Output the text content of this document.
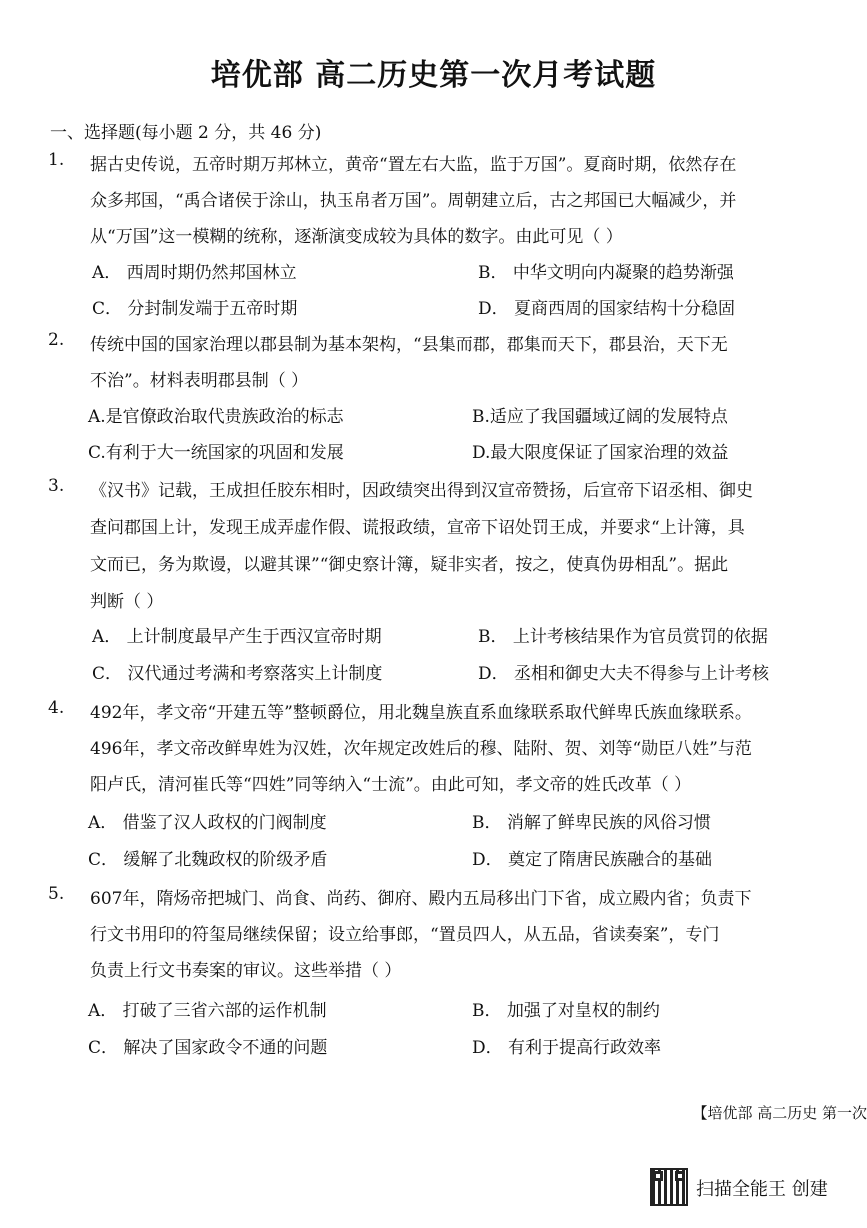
培优部 高二历史第一次月考试题
一、选择题(每小题 2 分，共 46 分)
1. 据古史传说，五帝时期万邦林立，黄帝“置左右大监，监于万国”。夏商时期，依然存在
众多邦国，“禹合诸侯于涂山，执玉帛者万国”。周朝建立后，古之邦国已大幅减少，并
从“万国”这一模糊的统称，逐渐演变成较为具体的数字。由此可见（ ）
A． 西周时期仍然邦国林立	B． 中华文明向内凝聚的趋势渐强
C． 分封制发端于五帝时期	D． 夏商西周的国家结构十分稳固
2. 传统中国的国家治理以郡县制为基本架构，“县集而郡，郡集而天下，郡县治，天下无
不治”。材料表明郡县制（ ）
A.是官僚政治取代贵族政治的标志	B.适应了我国疆域辽阔的发展特点
C.有利于大一统国家的巩固和发展	D.最大限度保证了国家治理的效益
3. 《汉书》记载，王成担任胶东相时，因政绩突出得到汉宣帝赞扬，后宣帝下诏丞相、御史
查问郡国上计，发现王成弄虚作假、谎报政绩，宣帝下诏处罚王成，并要求“上计簿，具
文而已，务为欺谩，以避其课”“御史察计簿，疑非实者，按之，使真伪毋相乱”。据此
判断（ ）
A． 上计制度最早产生于西汉宣帝时期	B． 上计考核结果作为官员赏罚的依据
C． 汉代通过考满和考察落实上计制度	D． 丞相和御史大夫不得参与上计考核
4. 492年，孝文帝“开建五等”整顿爵位，用北魏皇族直系血缘联系取代鲜卑氏族血缘联系。
496年，孝文帝改鲜卑姓为汉姓，次年规定改姓后的穆、陆附、贺、刘等“勋臣八姓”与范
阳卢氏，清河崔氏等“四姓”同等纳入“士流”。由此可知，孝文帝的姓氏改革（ ）
A． 借鉴了汉人政权的门阀制度	B． 消解了鲜卑民族的风俗习惯
C． 缓解了北魏政权的阶级矛盾	D． 奠定了隋唐民族融合的基础
5. 607年，隋炀帝把城门、尚食、尚药、御府、殿内五局移出门下省，成立殿内省；负责下
行文书用印的符玺局继续保留；设立给事郎，“置员四人，从五品，省读奏案”，专门
负责上行文书奏案的审议。这些举措（ ）
A． 打破了三省六部的运作机制	B． 加强了对皇权的制约
C． 解决了国家政令不通的问题	D． 有利于提高行政效率
【培优部 高二历史 第一次
扫描全能王 创建
